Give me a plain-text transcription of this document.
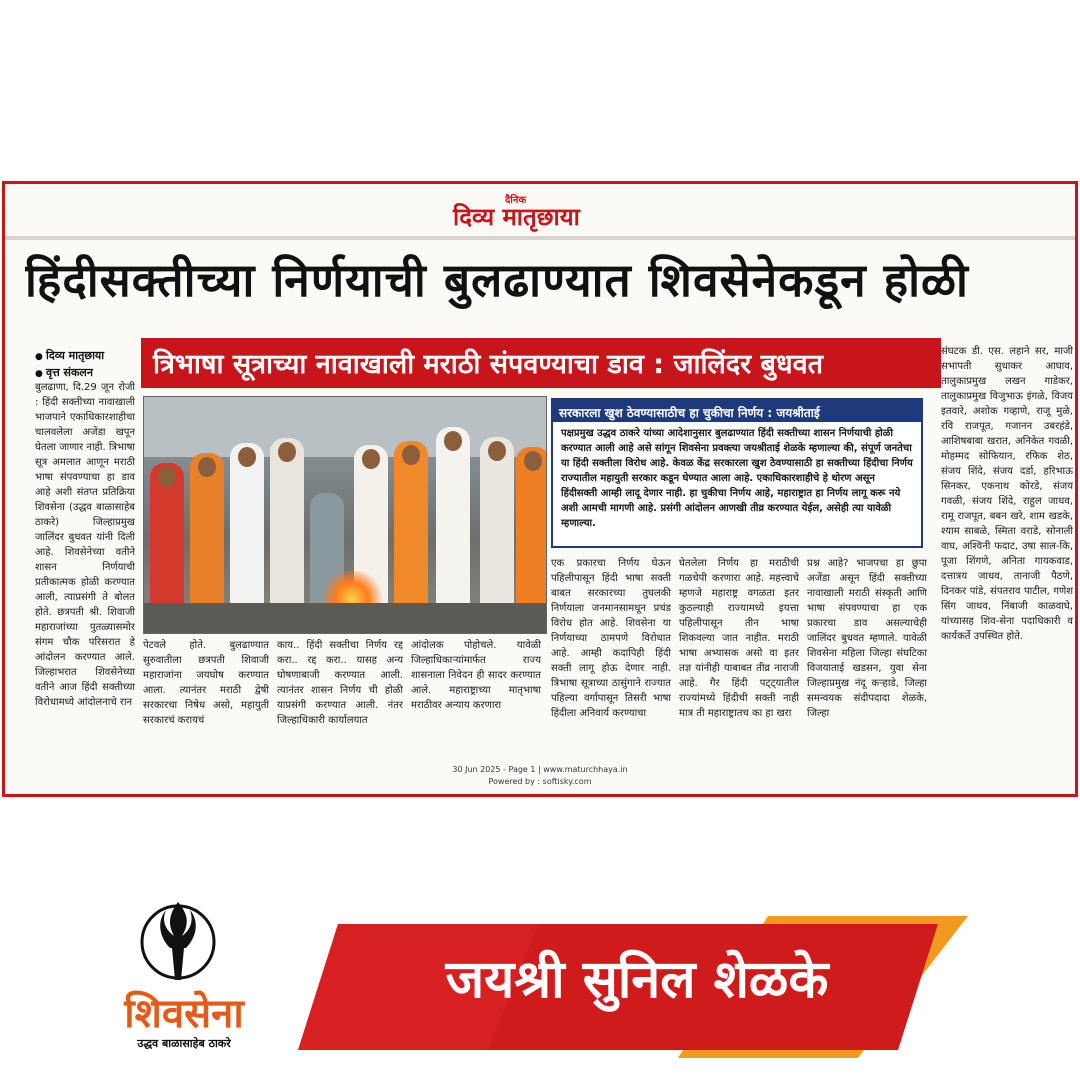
दैनिक
दिव्य मातृछाया
हिंदीसक्तीच्या निर्णयाची बुलढाण्यात शिवसेनेकडून होळी
● दिव्य मातृछाया
● वृत्त संकलन	त्रिभाषा सूत्राच्या नावाखाली मराठी संपवण्याचा डाव : जालिंदर बुधवत
सरकारला खुश ठेवण्यासाठीच हा चुकीचा निर्णय : जयश्रीताई
पक्षप्रमुख उद्धव ठाकरे यांच्या आदेशानुसार बुलढाण्यात हिंदी सक्तीच्या शासन निर्णयाची होळी करण्यात आली आहे असे सांगून शिवसेना प्रवक्त्या जयश्रीताई शेळके म्हणाल्या की, संपूर्ण जनतेचा या हिंदी सक्तीला विरोध आहे. केवळ केंद्र सरकारला खुश ठेवण्यासाठी हा सक्तीच्या हिंदीचा निर्णय राज्यातील महायुती सरकार कडून घेण्यात आला आहे. एकाधिकारशाहीचे हे धोरण असून हिंदीसक्ती आम्ही लादू देणार नाही. हा चुकीचा निर्णय आहे, महाराष्ट्रात हा निर्णय लागू करू नये अशी आमची मागणी आहे. प्रसंगी आंदोलन आणखी तीव्र करण्यात येईल, असेही त्या यावेळी म्हणाल्या.
बुलढाणा, दि.29 जून रोजी : हिंदी सक्तीच्या नावाखाली भाजपाने एकाधिकारशाहीचा चालवलेला अजेंडा खपून घेतला जाणार नाही. त्रिभाषा सूत्र अमलात आणून मराठी भाषा संपवण्याचा हा डाव आहे अशी संतप्त प्रतिक्रिया शिवसेना (उद्धव बाळासाहेब ठाकरे) जिल्हाप्रमुख जालिंदर बुधवत यांनी दिली आहे. शिवसेनेच्या वतीने शासन निर्णयाची प्रतीकात्मक होळी करण्यात आली, त्याप्रसंगी ते बोलत होते. छत्रपती श्री. शिवाजी महाराजांच्या पुतळ्यासमोर संगम चौक परिसरात हे आंदोलन करण्यात आले. जिल्हाभरात शिवसेनेच्या वतीने आज हिंदी सक्तीच्या विरोधामध्ये आंदोलनाचे रान
पेटवले होते. बुलढाण्यात सुरुवातीला छत्रपती शिवाजी महाराजांना जयघोष करण्यात आला. त्यानंतर मराठी द्वेषी सरकारचा निषेध असो, महायुती सरकारचं करायचं
काय.. हिंदी सक्तीचा निर्णय रद्द करा.. रद्द करा.. यासह अन्य घोषणाबाजी करण्यात आली. त्यानंतर शासन निर्णय ची होळी याप्रसंगी करण्यात आली. नंतर जिल्हाधिकारी कार्यालयात
आंदोलक पोहोचले. यावेळी जिल्हाधिकाऱ्यांमार्फत राज्य शासनाला निवेदन ही सादर करण्यात आले. महाराष्ट्राच्या मातृभाषा मराठीवर अन्याय करणारा
एक प्रकारचा निर्णय घेऊन पहिलीपासून हिंदी भाषा सक्ती बाबत सरकारच्या तुघलकी निर्णयाला जनमानसामधून प्रचंड विरोध होत आहे. शिवसेना या निर्णयाच्या ठामपणे विरोधात आहे. आम्ही कदापिही हिंदी सक्ती लागू होऊ देणार नाही. त्रिभाषा सूत्राच्या ठासुंगाने राज्यात पहिल्या वर्गापासून तिसरी भाषा हिंदीला अनिवार्य करण्याचा
घेतलेला निर्णय हा मराठीची गळचेपी करणारा आहे. महत्त्वाचे म्हणजे महाराष्ट्र वगळता इतर कुठल्याही राज्यामध्ये इयत्ता पहिलीपासून तीन भाषा शिकवल्या जात नाहीत. मराठी भाषा अभ्यासक असो वा इतर तज्ञ यांनीही याबाबत तीव्र नाराजी आहे. गैर हिंदी पट्ट्यातील राज्यांमध्ये हिंदीची सक्ती नाही मात्र ती महाराष्ट्रातच का हा खरा
प्रश्न आहे? भाजपचा हा छुपा अजेंडा असून हिंदी सक्तीच्या नावाखाली मराठी संस्कृती आणि भाषा संपवण्याचा हा एक प्रकारचा डाव असल्याचेही जालिंदर बुधवत म्हणाले. यावेळी शिवसेना महिला जिल्हा संघटिका विजयाताई खडसन, युवा सेना जिल्हाप्रमुख नंदू कऱ्हाडे, जिल्हा समन्वयक संदीपदादा शेळके, जिल्हा
संघटक डी. एस. लहाने सर, माजी सभापती सुधाकर आघाव, तालुकाप्रमुख लखन गाडेकर, तालुकाप्रमुख विजुभाऊ इंगळे, विजय इतवारे, अशोक गव्हाणे, राजू मुळे, रवि राजपूत, गजानन उबरहंडे, आशिषबाबा खरात, अनिकेत गवळी, मोहम्मद सोफियान, रफिक शेठ, संजय शिंदे, संजय दर्डा, हरिभाऊ सिनकर, एकनाथ कोरडे, संजय गवळी, संजय शिंदे, राहुल जाधव, रामू राजपूत, बबन खरे, शाम खडके, श्याम साबळे, स्मिता वराडे, सोनाली वाघ, अश्विनी फदाट, उषा साल-कि, पूजा शिंगणे, अनिता गायकवाड, दत्तात्रय जाधव, तानाजी पैठणे, दिनकर पांडे, संपतराव पाटील, गणेश सिंग जाधव, निंबाजी काळवाघे, यांच्यासह शिव-सेना पदाधिकारी व कार्यकर्ते उपस्थित होते.
30 Jun 2025 - Page 1 | www.maturchhaya.in
Powered by : softisky.com
शिवसेना
उद्धव बाळासाहेब ठाकरे
जयश्री सुनिल शेळके
